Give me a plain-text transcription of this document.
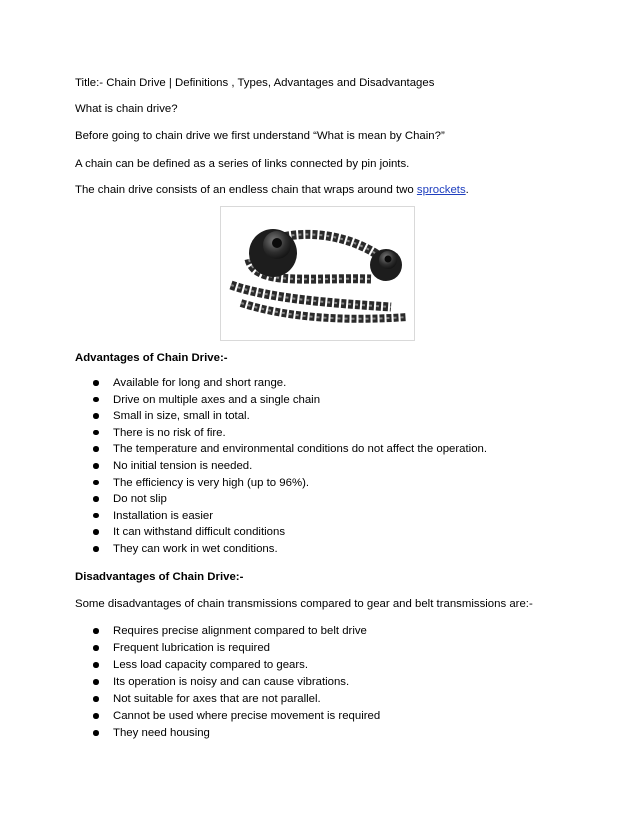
Title:- Chain Drive | Definitions , Types, Advantages and Disadvantages
What is chain drive?
Before going to chain drive we first understand “What is mean by Chain?”
A chain can be defined as a series of links connected by pin joints.
The chain drive consists of an endless chain that wraps around two sprockets.
Advantages of Chain Drive:-
Available for long and short range.
Drive on multiple axes and a single chain
Small in size, small in total.
There is no risk of fire.
The temperature and environmental conditions do not affect the operation.
No initial tension is needed.
The efficiency is very high (up to 96%).
Do not slip
Installation is easier
It can withstand difficult conditions
They can work in wet conditions.
Disadvantages of Chain Drive:-
Some disadvantages of chain transmissions compared to gear and belt transmissions are:-
Requires precise alignment compared to belt drive
Frequent lubrication is required
Less load capacity compared to gears.
Its operation is noisy and can cause vibrations.
Not suitable for axes that are not parallel.
Cannot be used where precise movement is required
They need housing
